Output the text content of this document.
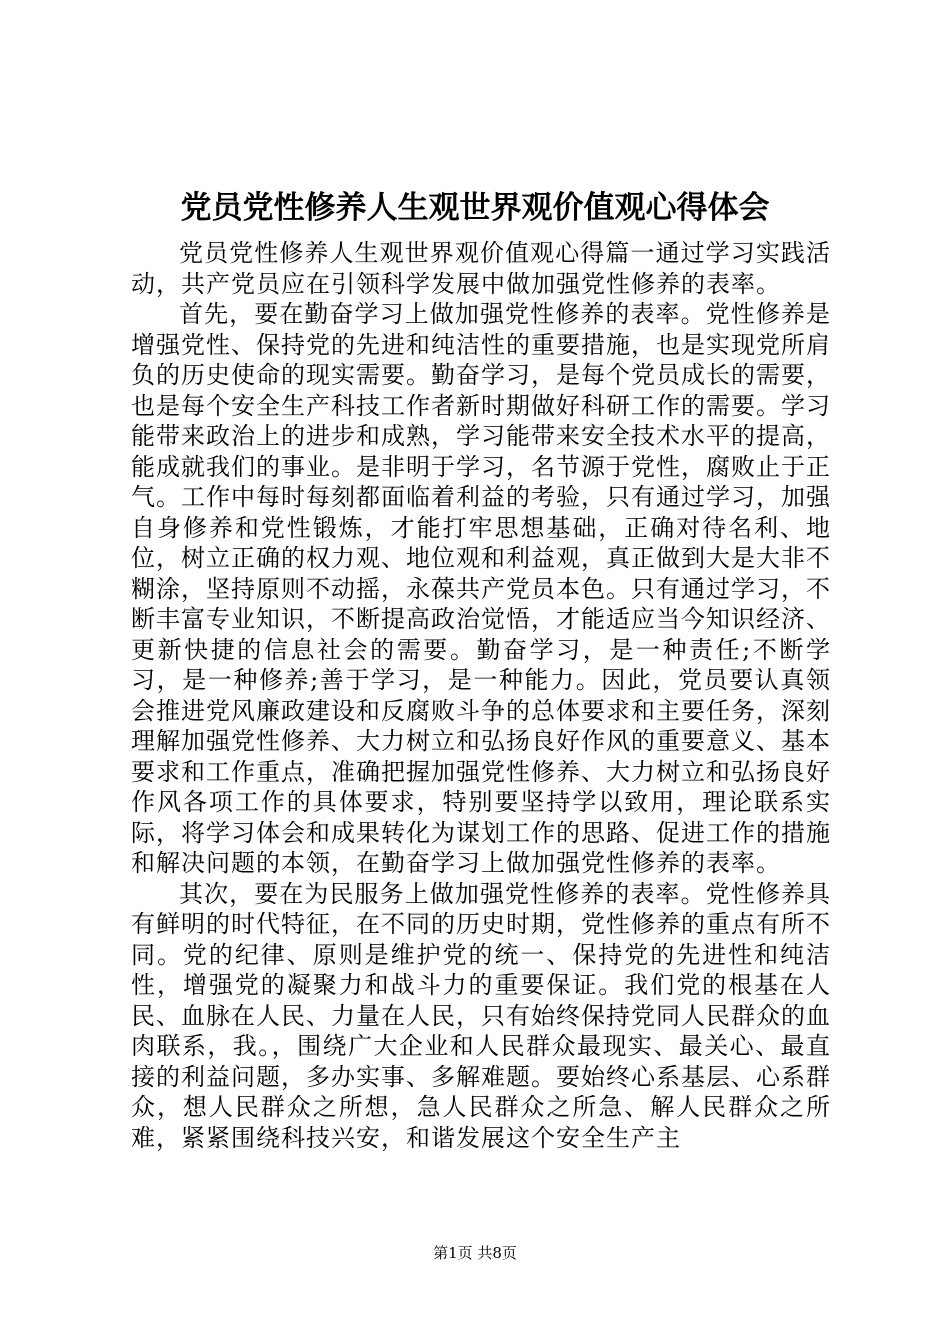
党员党性修养人生观世界观价值观心得体会

党员党性修养人生观世界观价值观心得篇一通过学习实践活动，共产党员应在引领科学发展中做加强党性修养的表率。

首先，要在勤奋学习上做加强党性修养的表率。党性修养是增强党性、保持党的先进和纯洁性的重要措施，也是实现党所肩负的历史使命的现实需要。勤奋学习，是每个党员成长的需要，也是每个安全生产科技工作者新时期做好科研工作的需要。学习能带来政治上的进步和成熟，学习能带来安全技术水平的提高，能成就我们的事业。是非明于学习，名节源于党性，腐败止于正气。工作中每时每刻都面临着利益的考验，只有通过学习，加强自身修养和党性锻炼，才能打牢思想基础，正确对待名利、地位，树立正确的权力观、地位观和利益观，真正做到大是大非不糊涂，坚持原则不动摇，永葆共产党员本色。只有通过学习，不断丰富专业知识，不断提高政治觉悟，才能适应当今知识经济、更新快捷的信息社会的需要。勤奋学习，是一种责任;不断学习，是一种修养;善于学习，是一种能力。因此，党员要认真领会推进党风廉政建设和反腐败斗争的总体要求和主要任务，深刻理解加强党性修养、大力树立和弘扬良好作风的重要意义、基本要求和工作重点，准确把握加强党性修养、大力树立和弘扬良好作风各项工作的具体要求，特别要坚持学以致用，理论联系实际，将学习体会和成果转化为谋划工作的思路、促进工作的措施和解决问题的本领，在勤奋学习上做加强党性修养的表率。

其次，要在为民服务上做加强党性修养的表率。党性修养具有鲜明的时代特征，在不同的历史时期，党性修养的重点有所不同。党的纪律、原则是维护党的统一、保持党的先进性和纯洁性，增强党的凝聚力和战斗力的重要保证。我们党的根基在人民、血脉在人民、力量在人民，只有始终保持党同人民群众的血肉联系，我。，围绕广大企业和人民群众最现实、最关心、最直接的利益问题，多办实事、多解难题。要始终心系基层、心系群众，想人民群众之所想，急人民群众之所急、解人民群众之所难，紧紧围绕科技兴安，和谐发展这个安全生产主

第1页 共8页
